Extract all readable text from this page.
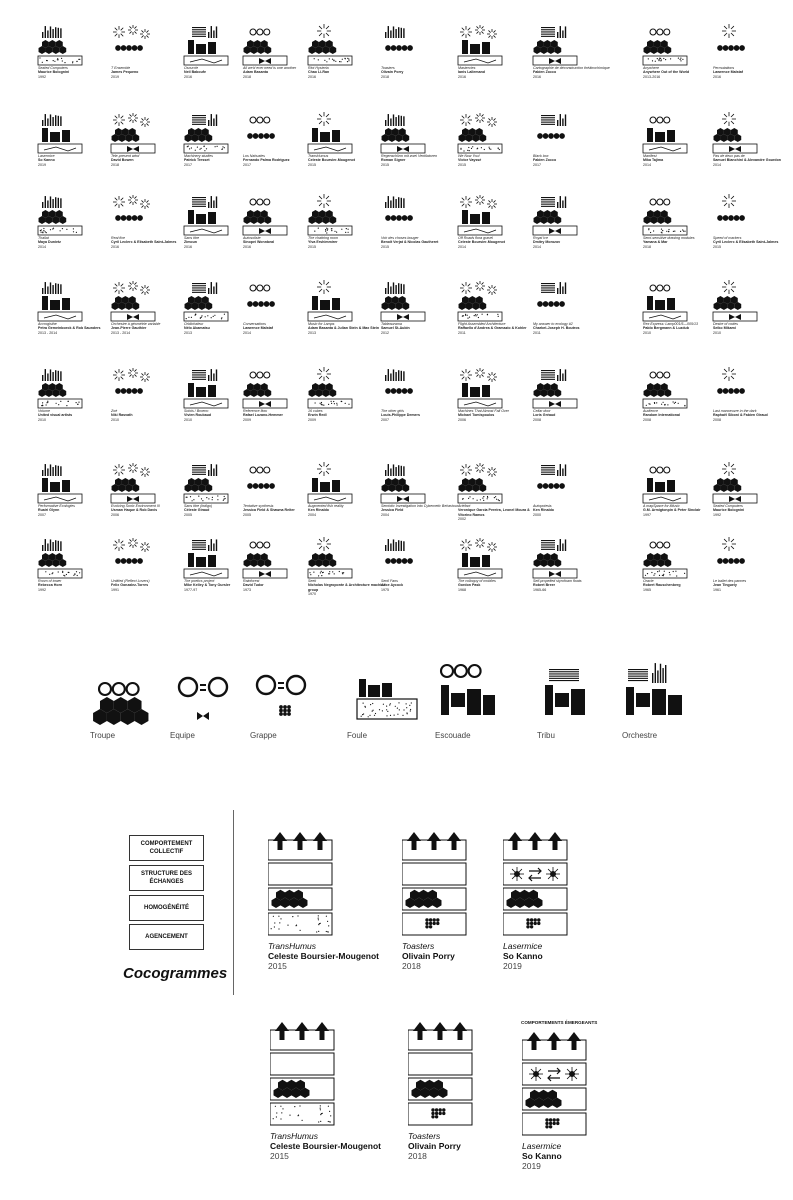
Sealed Computers
Maurice Bolognini
1992
T Ensemble
James Pequeno
2019
Oscurcle
Neil Baboufe
2016
All we'd ever need is one another
Adam Basanta
2018
Riot Hysteria
Chao Li-Ran
2016
Toasters
Olivain Porry
2018
Mastervies
Ianis Lallemand
2016
Cartographie de déconstruction théâtrochimique
Fabien Zocco
2016
Anywhere
Anywhere Out of the World
2013-2016
Permutations
Lawrence Malstaf
2016
Lasermice
So Kanno
2019
Tele-present wind
David Bowen
2018
Machinery studies
Patrick Tresset
2017
Los Nahuales
Fernando Palma Rodriguez
2017
TransHumus
Celeste Boursier-Mougenot
2015
Regenschlirm mit zwei Ventilatoren
Roman Signer
2015
We Now You!
Victor Vayssé
2015
Black box
Fabien Zocco
2017
Manifest
Mika Tajima
2014
Pas de deux pas de
Samuel Bianchini & Alexandre Gourdon
2014
Thaliat
Maya Dunietz
2014
Real fixe
Cyril Leclerc & Elisabeth Saint-Jalmes
2016
Sans titre
Zimoun
2016
Autosoliste
Sinopei Wonnbeal
2016
The chattring room
Ylva Ershimmirer
2015
Voir des choses bouger
Benoît Verjat & Nicolas Gautheret
2015
Off Roads flora gravel
Celeste Boursier-Mougenot
2014
Royal Ice
Dmitry Morozov
2014
Semi-sensitive drawing modules
Yamana & Mar
2018
Speed of markers
Cyril Leclerc & Elisabeth Saint-Jalmes
2015
Accrogisthe
Petra Gemeinboeck & Rob Saunders
2013 - 2014
Orchestre à géométrie variable
Jean-Pierre Gauthier
2013 - 2014
Oridichaleur
Nélo Akamatsu
2013
Conversations
Lawrence Malstaf
2014
Music for Lamps
Adam Basanta & Julian Stein & Max Stein
2013
Tableaurama
Samuel St-Aubin
2012
Flight Assembled Architecture
Raffaello d'Andrea & Gramazio & Kohler
2011
My answer to ecology #2
Charbel-Joseph H. Boutros
2011
Rex Express: Lamp001/5—005/13
Pablo Bergmann & Luzdub
2010
Desire of codes
Seiko Mikami
2010
Volume
United visual artists
2010
Zoé
Niki Rasvath
2010
Solois / Broeno
Vivien Roubaud
2010
Reference flow
Rafael Lozano-Hemmer
2009
16 cubes
Erwin Redl
2009
The other girls
Louis-Philippe Demers
2007
Machines That Almost Fall Over
Michael Tomispoulos
2006
Cellar door
Loris Gréaud
2008
Audience
Random International
2008
Last manoeuvre in the dark
Raphaël Siboni & Fabien Giraud
2008
Performative Ecologies
Ruairi Glynn
2007
Evolving Sonic Environment III
Usman Haque & Rob Davis
2006
Sans titre (indigo)
Céleste Giraud
2005
Tentative synthesis
Jessica Field & Shawna Reiter
2005
Augmented fish reality
Ken Rinaldo
2004
Semiotic Investigation into Cybernetic Behaviour
Jessica Field
2004
Artéfact
Veronique Garcia Pereira, Leonel Moura & Vitorino Ramos
2002
Autopoiesis
Ken Rinaldo
2000
A mapSpace for iMusic
G.M. Armigtonpin & Peter Sinclair
1997
Sealed Computers
Maurice Bolognini
1992
Room of tower
Rebecca Horn
1992
Untitled (Reflect Lovers)
Felix Gonzalez-Torres
1991
The poetics project
Mike Kelley & Tony Oursler
1977-97
Rainforest
David Tudor
1973
Seek
Nicholas Negroponte & Architecture machine group
1970
Senil Fans
Alice Aycock
1975
The colloquy of mobiles
Gordon Pask
1968
Self-propelled styrofoam floats
Robert Breer
1965-66
Oracle
Robert Rauschenberg
1965
Le ballet des pannes
Jean Tinguely
1961
Troupe	Equipe	Grappe	Foule	Escouade	Tribu	Orchestre
COMPORTEMENT COLLECTIF
STRUCTURE DES ÉCHANGES
HOMOGÉNÉITÉ
AGENCEMENT
Cocogrammes
TransHumus
Celeste Boursier-Mougenot
2015
Toasters
Olivain Porry
2018
Lasermice
So Kanno
2019
TransHumus
Celeste Boursier-Mougenot
2015
Toasters
Olivain Porry
2018
Lasermice
So Kanno
2019
COMPORTEMENTS ÉMERGEANTS
